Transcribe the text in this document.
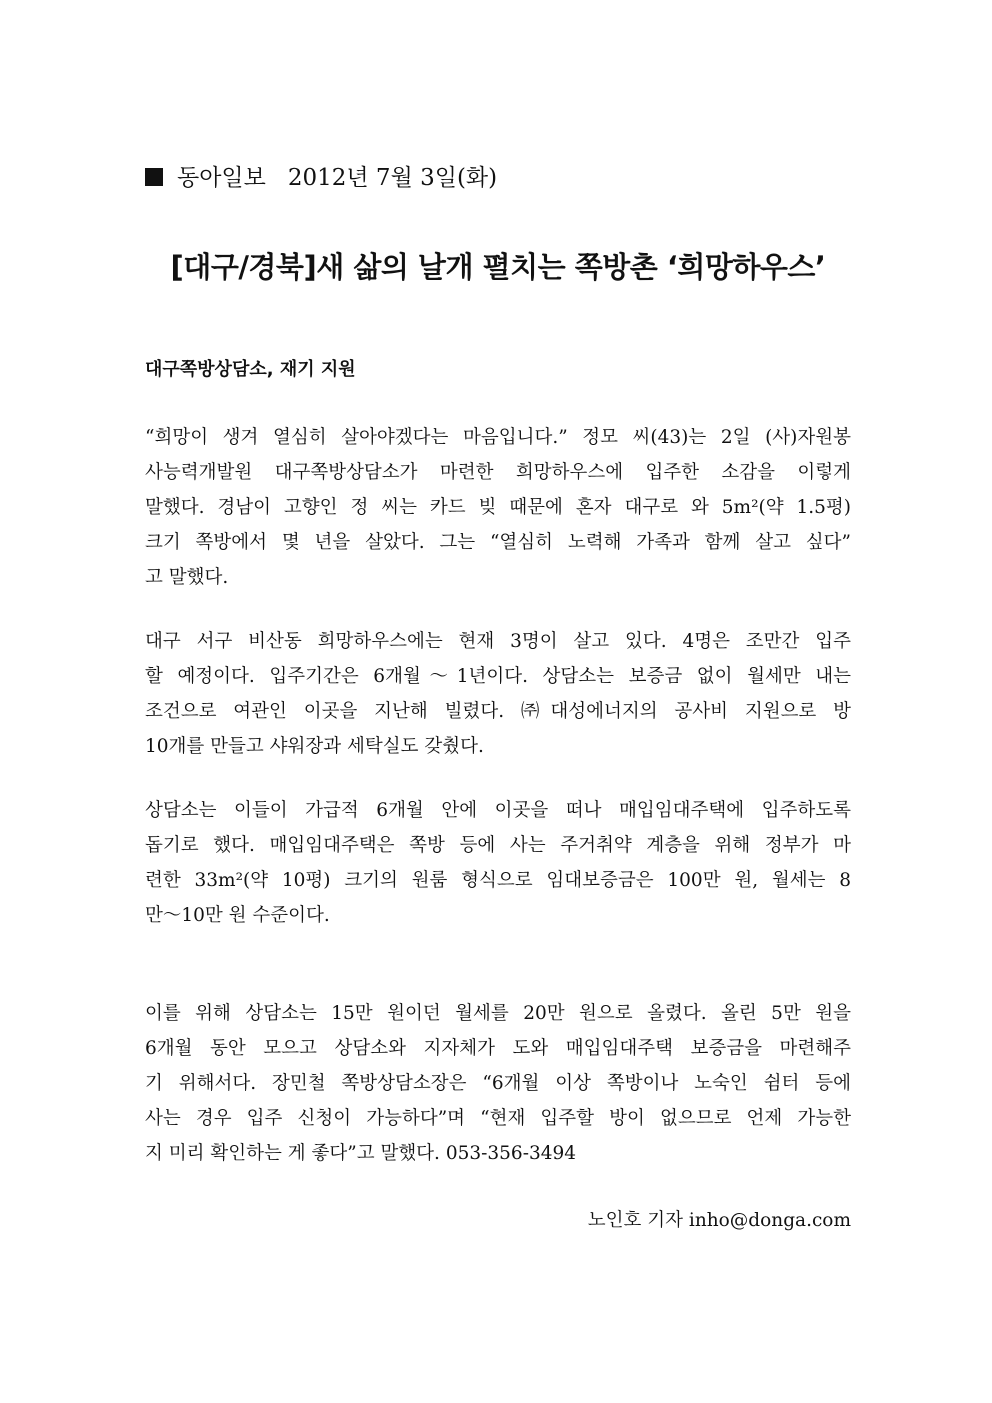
동아일보 2012년 7월 3일(화)
[대구/경북]새 삶의 날개 펼치는 쪽방촌 ‘희망하우스’
대구쪽방상담소, 재기 지원
“희망이 생겨 열심히 살아야겠다는 마음입니다.” 정모 씨(43)는 2일 (사)자원봉
사능력개발원 대구쪽방상담소가 마련한 희망하우스에 입주한 소감을 이렇게
말했다. 경남이 고향인 정 씨는 카드 빚 때문에 혼자 대구로 와 5m²(약 1.5평)
크기 쪽방에서 몇 년을 살았다. 그는 “열심히 노력해 가족과 함께 살고 싶다”
고 말했다.
대구 서구 비산동 희망하우스에는 현재 3명이 살고 있다. 4명은 조만간 입주
할 예정이다. 입주기간은 6개월～1년이다. 상담소는 보증금 없이 월세만 내는
조건으로 여관인 이곳을 지난해 빌렸다. ㈜대성에너지의 공사비 지원으로 방
10개를 만들고 샤워장과 세탁실도 갖췄다.
상담소는 이들이 가급적 6개월 안에 이곳을 떠나 매입임대주택에 입주하도록
돕기로 했다. 매입임대주택은 쪽방 등에 사는 주거취약 계층을 위해 정부가 마
련한 33m²(약 10평) 크기의 원룸 형식으로 임대보증금은 100만 원, 월세는 8
만～10만 원 수준이다.
이를 위해 상담소는 15만 원이던 월세를 20만 원으로 올렸다. 올린 5만 원을
6개월 동안 모으고 상담소와 지자체가 도와 매입임대주택 보증금을 마련해주
기 위해서다. 장민철 쪽방상담소장은 “6개월 이상 쪽방이나 노숙인 쉼터 등에
사는 경우 입주 신청이 가능하다”며 “현재 입주할 방이 없으므로 언제 가능한
지 미리 확인하는 게 좋다”고 말했다. 053-356-3494
노인호 기자 inho@donga.com
